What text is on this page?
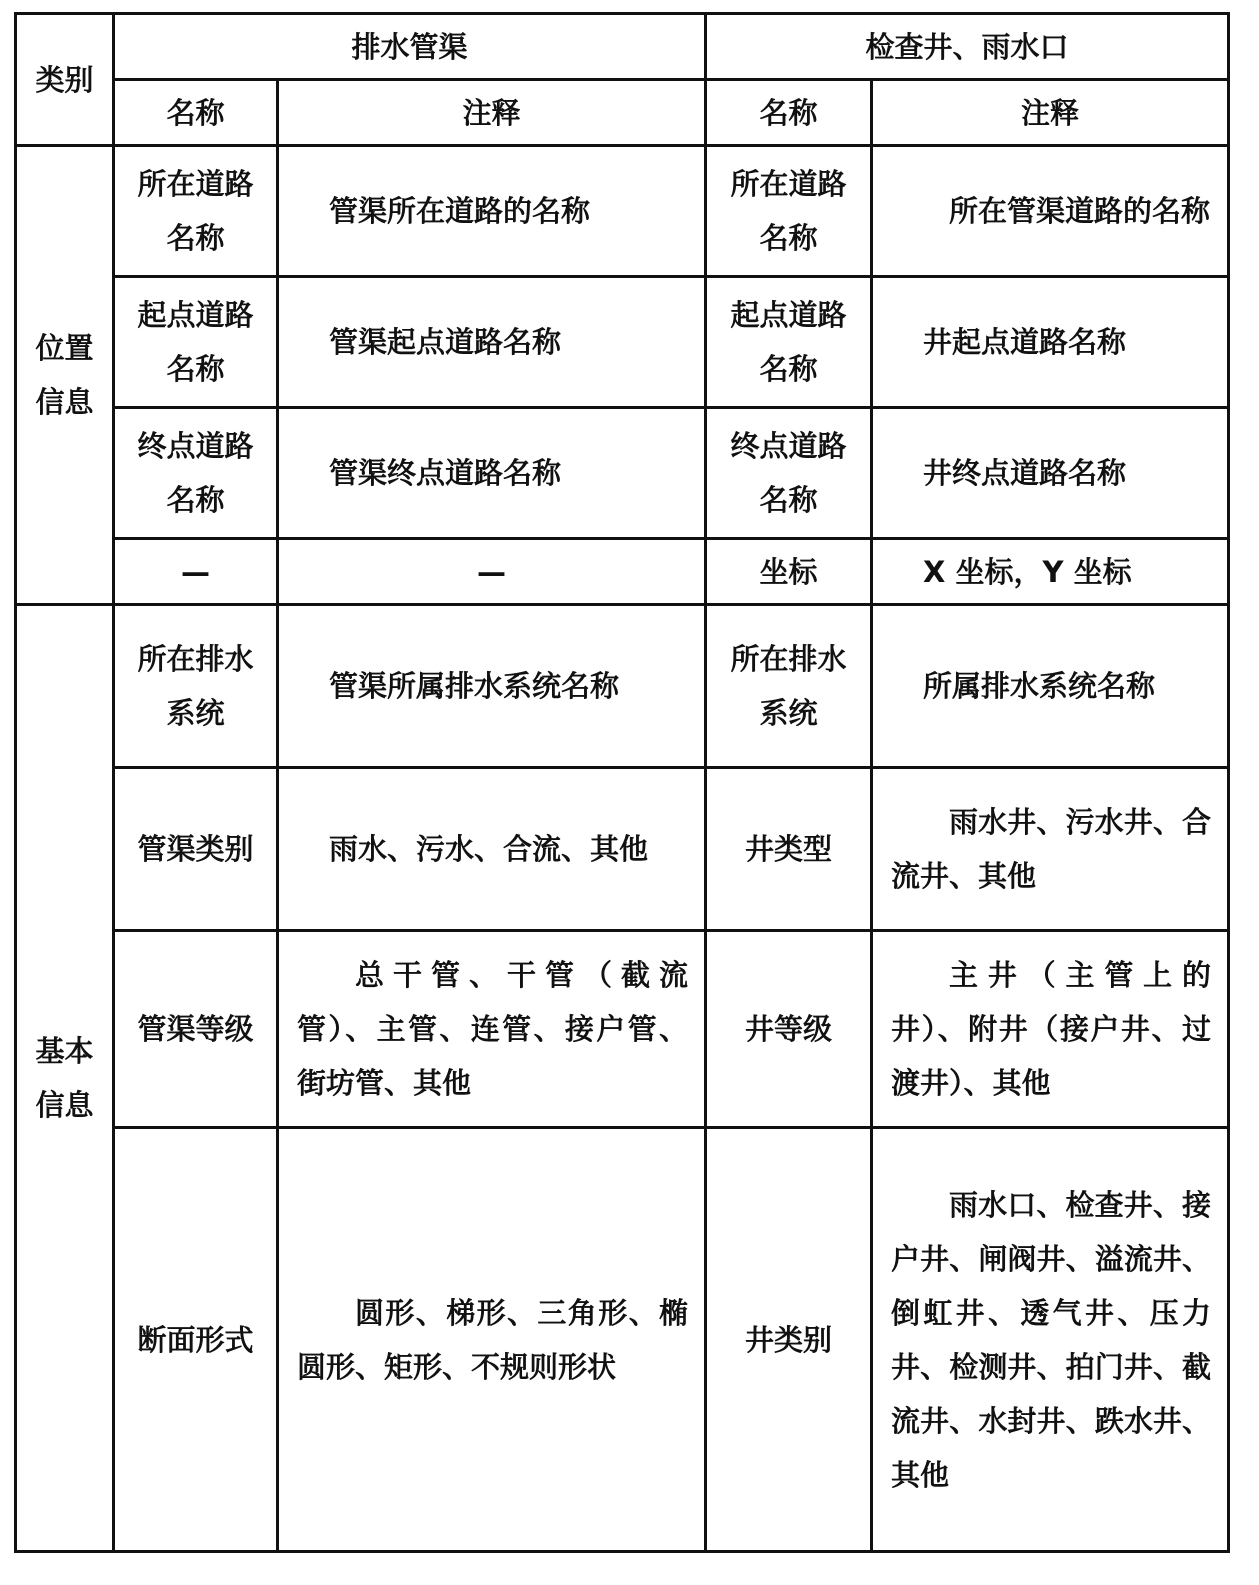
类别	排水管渠		检查井、雨水口	
	名称	注释	名称	注释
位置信息	所在道路名称	管渠所在道路的名称	所在道路名称	所在管渠道路的名称
	起点道路名称	管渠起点道路名称	起点道路名称	井起点道路名称
	终点道路名称	管渠终点道路名称	终点道路名称	井终点道路名称
	—	—	坐标	X 坐标，Y 坐标
基本信息	所在排水系统	管渠所属排水系统名称	所在排水系统	所属排水系统名称
	管渠类别	雨水、污水、合流、其他	井类型	雨水井、污水井、合流井、其他
	管渠等级	总干管、干管（截流管）、主管、连管、接户管、街坊管、其他	井等级	主井（主管上的井）、附井（接户井、过渡井）、其他
	断面形式	圆形、梯形、三角形、椭圆形、矩形、不规则形状	井类别	雨水口、检查井、接户井、闸阀井、溢流井、倒虹井、透气井、压力井、检测井、拍门井、截流井、水封井、跌水井、其他
